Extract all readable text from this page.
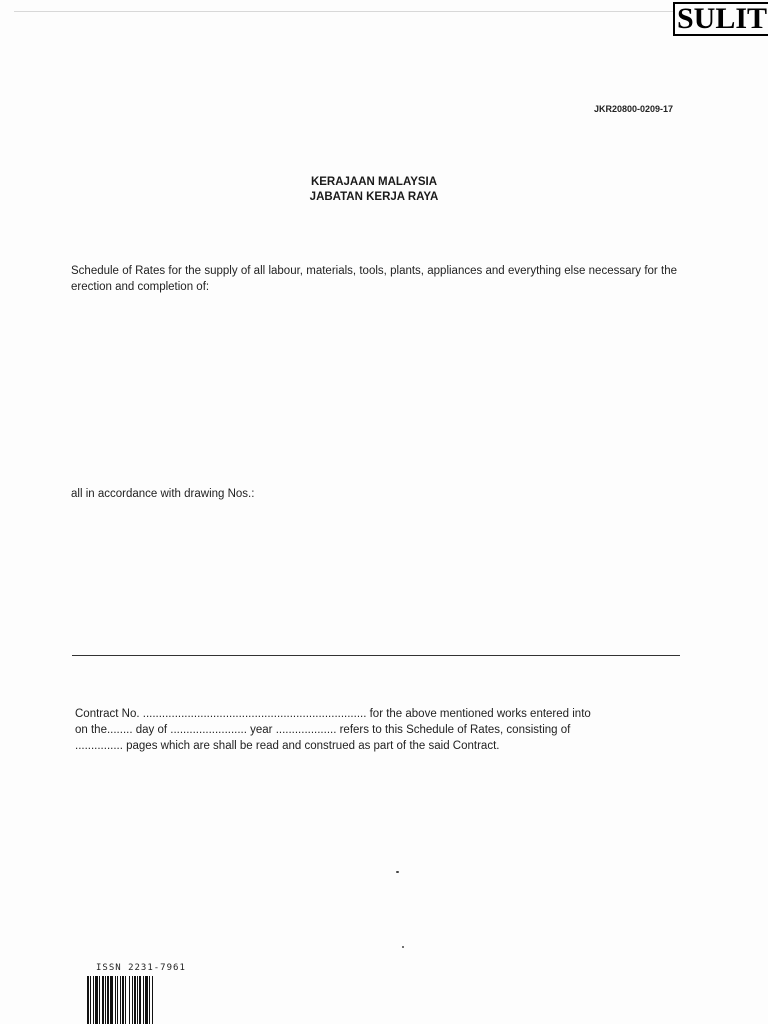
SULIT
JKR20800-0209-17
KERAJAAN MALAYSIA
JABATAN KERJA RAYA
Schedule of Rates for the supply of all labour, materials, tools, plants, appliances and everything else necessary for the erection and completion of:
all in accordance with drawing Nos.:
Contract No. ...................................................................... for the above mentioned works entered into
on the........ day of ........................ year ................... refers to this Schedule of Rates, consisting of
............... pages which are shall be read and construed as part of the said Contract.
ISSN 2231-7961
